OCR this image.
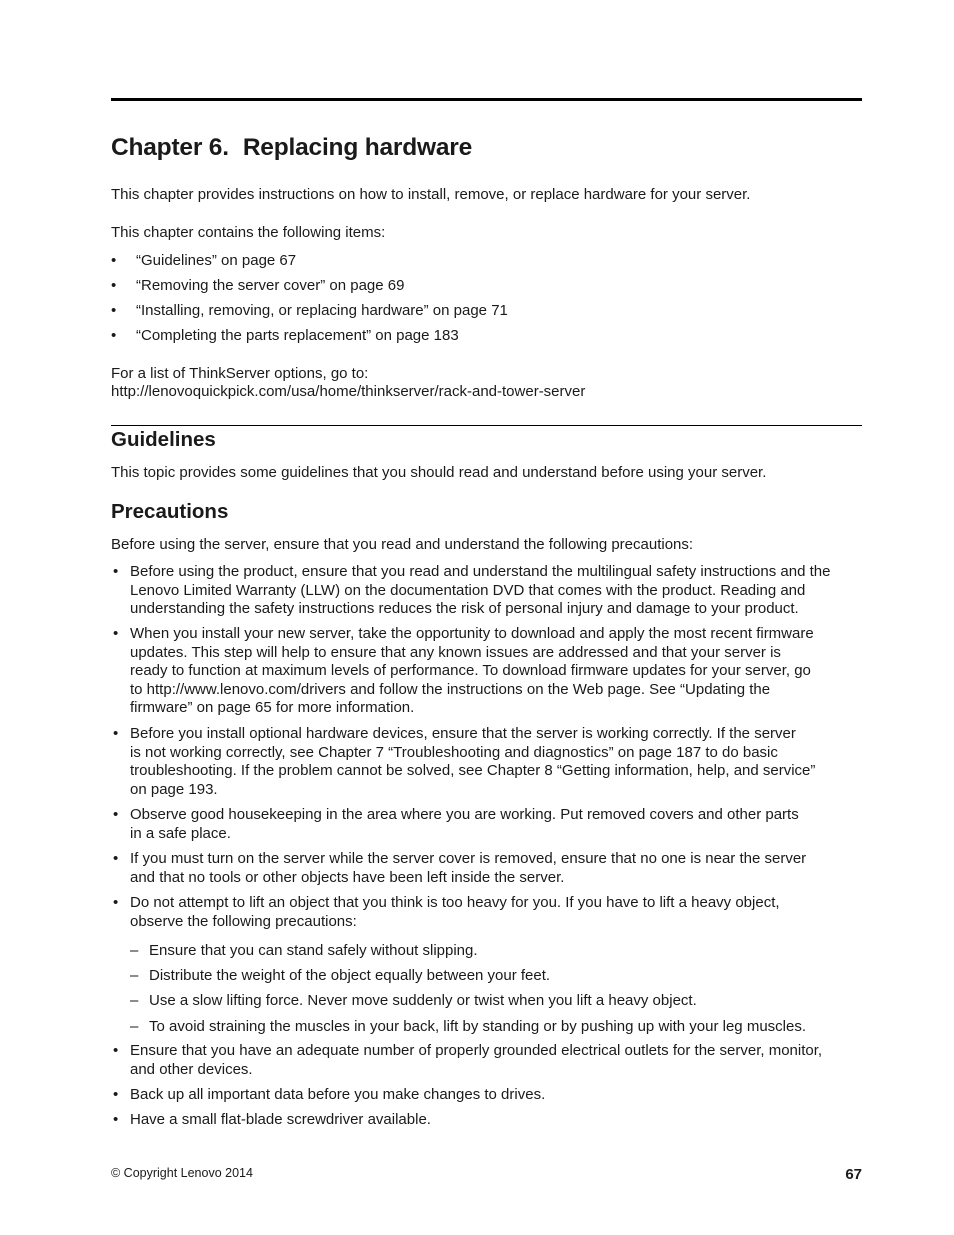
Chapter 6. Replacing hardware

This chapter provides instructions on how to install, remove, or replace hardware for your server.

This chapter contains the following items:

• “Guidelines” on page 67
• “Removing the server cover” on page 69
• “Installing, removing, or replacing hardware” on page 71
• “Completing the parts replacement” on page 183

For a list of ThinkServer options, go to:

http://lenovoquickpick.com/usa/home/thinkserver/rack-and-tower-server

Guidelines

This topic provides some guidelines that you should read and understand before using your server.

Precautions

Before using the server, ensure that you read and understand the following precautions:

• Before using the product, ensure that you read and understand the multilingual safety instructions and the
Lenovo Limited Warranty (LLW) on the documentation DVD that comes with the product. Reading and
understanding the safety instructions reduces the risk of personal injury and damage to your product.
• When you install your new server, take the opportunity to download and apply the most recent firmware
updates. This step will help to ensure that any known issues are addressed and that your server is
ready to function at maximum levels of performance. To download firmware updates for your server, go
to http://www.lenovo.com/drivers and follow the instructions on the Web page. See “Updating the
firmware” on page 65 for more information.
• Before you install optional hardware devices, ensure that the server is working correctly. If the server
is not working correctly, see Chapter 7 “Troubleshooting and diagnostics” on page 187 to do basic
troubleshooting. If the problem cannot be solved, see Chapter 8 “Getting information, help, and service”
on page 193.
• Observe good housekeeping in the area where you are working. Put removed covers and other parts
in a safe place.
• If you must turn on the server while the server cover is removed, ensure that no one is near the server
and that no tools or other objects have been left inside the server.
• Do not attempt to lift an object that you think is too heavy for you. If you have to lift a heavy object,
observe the following precautions:
– Ensure that you can stand safely without slipping.
– Distribute the weight of the object equally between your feet.
– Use a slow lifting force. Never move suddenly or twist when you lift a heavy object.
– To avoid straining the muscles in your back, lift by standing or by pushing up with your leg muscles.
• Ensure that you have an adequate number of properly grounded electrical outlets for the server, monitor,
and other devices.
• Back up all important data before you make changes to drives.
• Have a small flat-blade screwdriver available.
© Copyright Lenovo 2014	67
